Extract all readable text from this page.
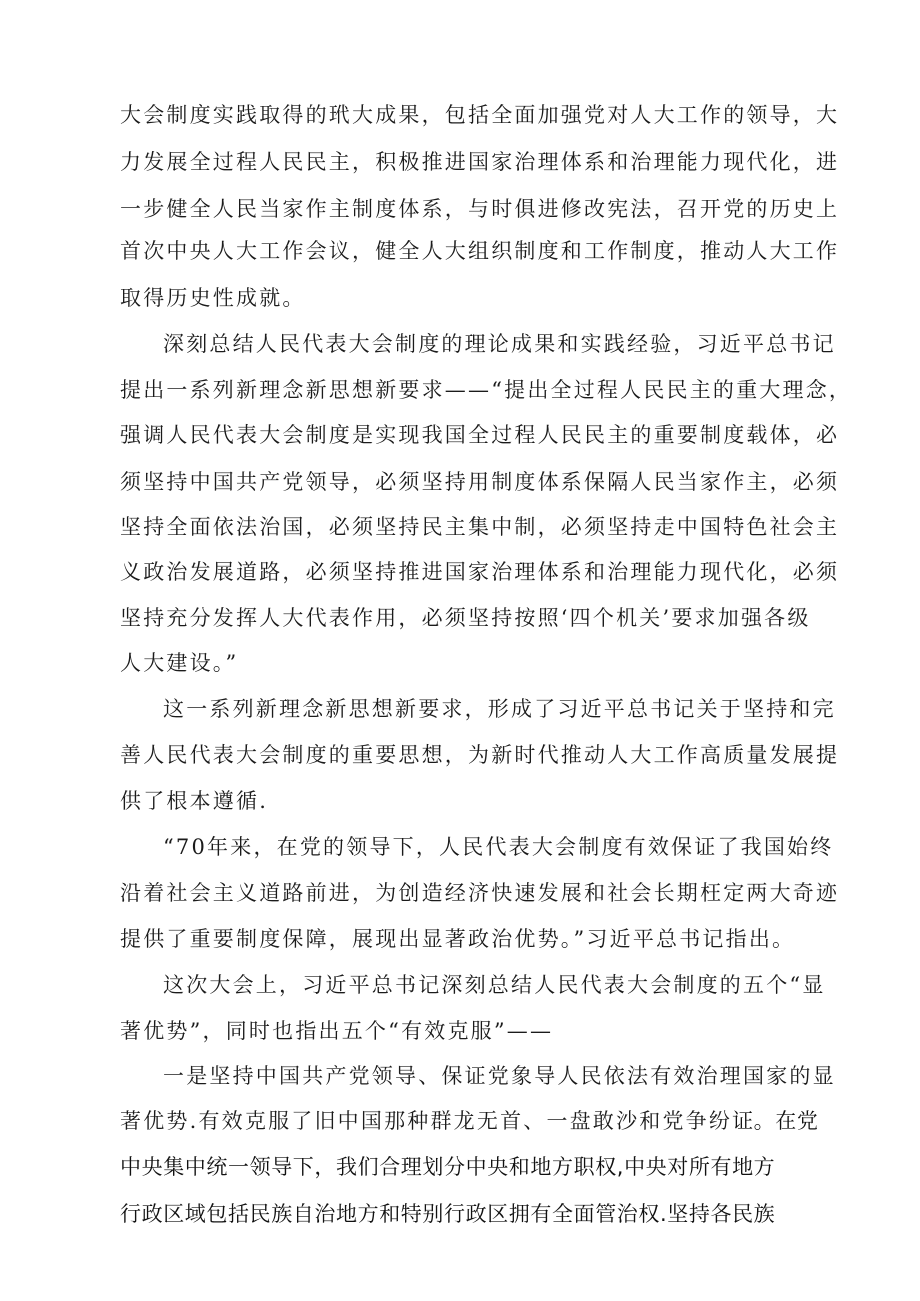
大会制度实践取得的玳大成果，包括全面加强党对人大工作的领导，大
力发展全过程人民民主，积极推进国家治理体系和治理能力现代化，进
一步健全人民当家作主制度体系，与时俱进修改宪法，召开党的历史上
首次中央人大工作会议，健全人大组织制度和工作制度，推动人大工作
取得历史性成就。
深刻总结人民代表大会制度的理论成果和实践经验，习近平总书记
提出一系列新理念新思想新要求——“提出全过程人民民主的重大理念，
强调人民代表大会制度是实现我国全过程人民民主的重要制度载体，必
须坚持中国共产党领导，必须坚持用制度体系保隔人民当家作主，必须
坚持全面依法治国，必须坚持民主集中制，必须坚持走中国特色社会主
义政治发展道路，必须坚持推进国家治理体系和治理能力现代化，必须
坚持充分发挥人大代表作用，必须坚持按照‘四个机关’要求加强各级
人大建设。”
这一系列新理念新思想新要求，形成了习近平总书记关于坚持和完
善人民代表大会制度的重要思想，为新时代推动人大工作高质量发展提
供了根本遵循.
“70年来，在党的领导下，人民代表大会制度有效保证了我国始终
沿着社会主义道路前进，为创造经济快速发展和社会长期枉定两大奇迹
提供了重要制度保障，展现出显著政治优势。”习近平总书记指出。
这次大会上，习近平总书记深刻总结人民代表大会制度的五个“显
著优势”，同时也指出五个“有效克服”——
一是坚持中国共产党领导、保证党象导人民依法有效治理国家的显
著优势.有效克服了旧中国那种群龙无首、一盘敢沙和党争纷证。在党
中央集中统一领导下，我们合理划分中央和地方职权,中央对所有地方
行政区域包括民族自治地方和特别行政区拥有全面管治权.坚持各民族
